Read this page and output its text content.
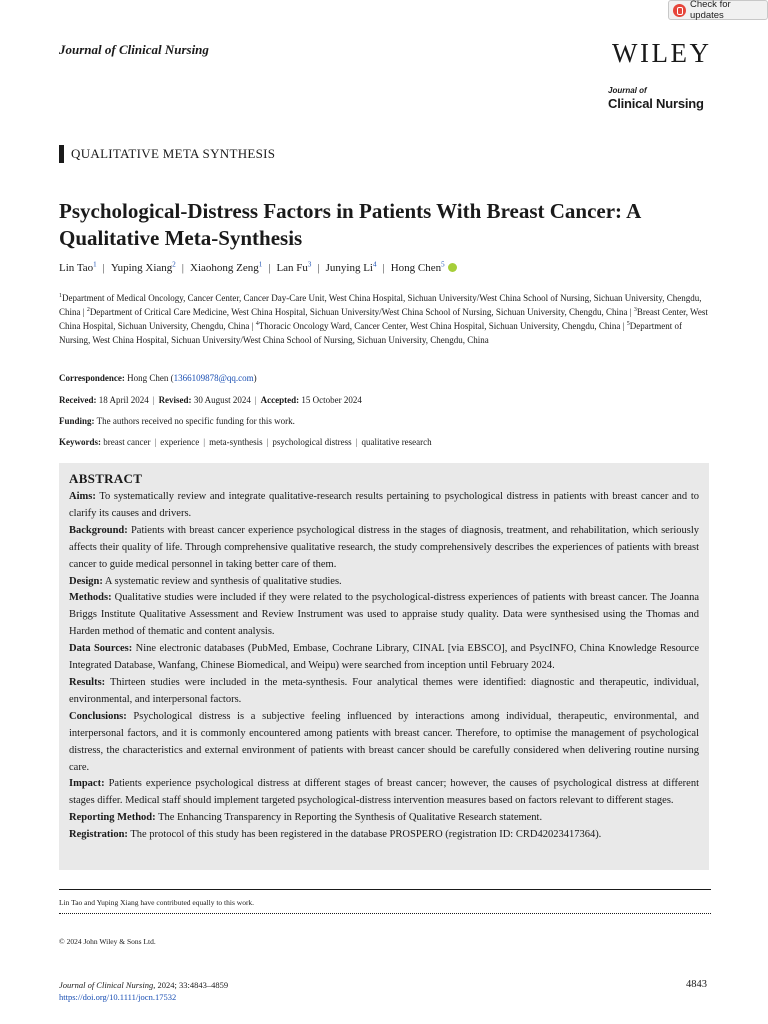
Check for updates
Journal of Clinical Nursing	WILEY
Journal of
Clinical Nursing
QUALITATIVE META SYNTHESIS
Psychological-Distress Factors in Patients With Breast Cancer: A Qualitative Meta-Synthesis
Lin Tao$^1$ | Yuping Xiang$^2$ | Xiaohong Zeng$^1$ | Lan Fu$^3$ | Junying Li$^4$ | Hong Chen$^5$
$^1$Department of Medical Oncology, Cancer Center, Cancer Day-Care Unit, West China Hospital, Sichuan University/West China School of Nursing, Sichuan University, Chengdu, China | $^2$Department of Critical Care Medicine, West China Hospital, Sichuan University/West China School of Nursing, Sichuan University, Chengdu, China | $^3$Breast Center, West China Hospital, Sichuan University, Chengdu, China | $^4$Thoracic Oncology Ward, Cancer Center, West China Hospital, Sichuan University, Chengdu, China | $^5$Department of Nursing, West China Hospital, Sichuan University/West China School of Nursing, Sichuan University, Chengdu, China
Correspondence: Hong Chen (1366109878@qq.com)
Received: 18 April 2024 | Revised: 30 August 2024 | Accepted: 15 October 2024
Funding: The authors received no specific funding for this work.
Keywords: breast cancer | experience | meta-synthesis | psychological distress | qualitative research
ABSTRACT

Aims: To systematically review and integrate qualitative-research results pertaining to psychological distress in patients with breast cancer and to clarify its causes and drivers.

Background: Patients with breast cancer experience psychological distress in the stages of diagnosis, treatment, and rehabilitation, which seriously affects their quality of life. Through comprehensive qualitative research, the study comprehensively describes the experiences of patients with breast cancer to guide medical personnel in taking better care of them.

Design: A systematic review and synthesis of qualitative studies.

Methods: Qualitative studies were included if they were related to the psychological-distress experiences of patients with breast cancer. The Joanna Briggs Institute Qualitative Assessment and Review Instrument was used to appraise study quality. Data were synthesised using the Thomas and Harden method of thematic and content analysis.

Data Sources: Nine electronic databases (PubMed, Embase, Cochrane Library, CINAL [via EBSCO], and PsycINFO, China Knowledge Resource Integrated Database, Wanfang, Chinese Biomedical, and Weipu) were searched from inception until February 2024.

Results: Thirteen studies were included in the meta-synthesis. Four analytical themes were identified: diagnostic and therapeutic, individual, environmental, and interpersonal factors.

Conclusions: Psychological distress is a subjective feeling influenced by interactions among individual, therapeutic, environmental, and interpersonal factors, and it is commonly encountered among patients with breast cancer. Therefore, to optimise the management of psychological distress, the characteristics and external environment of patients with breast cancer should be carefully considered when delivering routine nursing care.

Impact: Patients experience psychological distress at different stages of breast cancer; however, the causes of psychological distress at different stages differ. Medical staff should implement targeted psychological-distress intervention measures based on factors relevant to different stages.

Reporting Method: The Enhancing Transparency in Reporting the Synthesis of Qualitative Research statement.

Registration: The protocol of this study has been registered in the database PROSPERO (registration ID: CRD42023417364).

Lin Tao and Yuping Xiang have contributed equally to this work.
© 2024 John Wiley & Sons Ltd.
Journal of Clinical Nursing, 2024; 33:4843–4859
https://doi.org/10.1111/jocn.17532
4843
